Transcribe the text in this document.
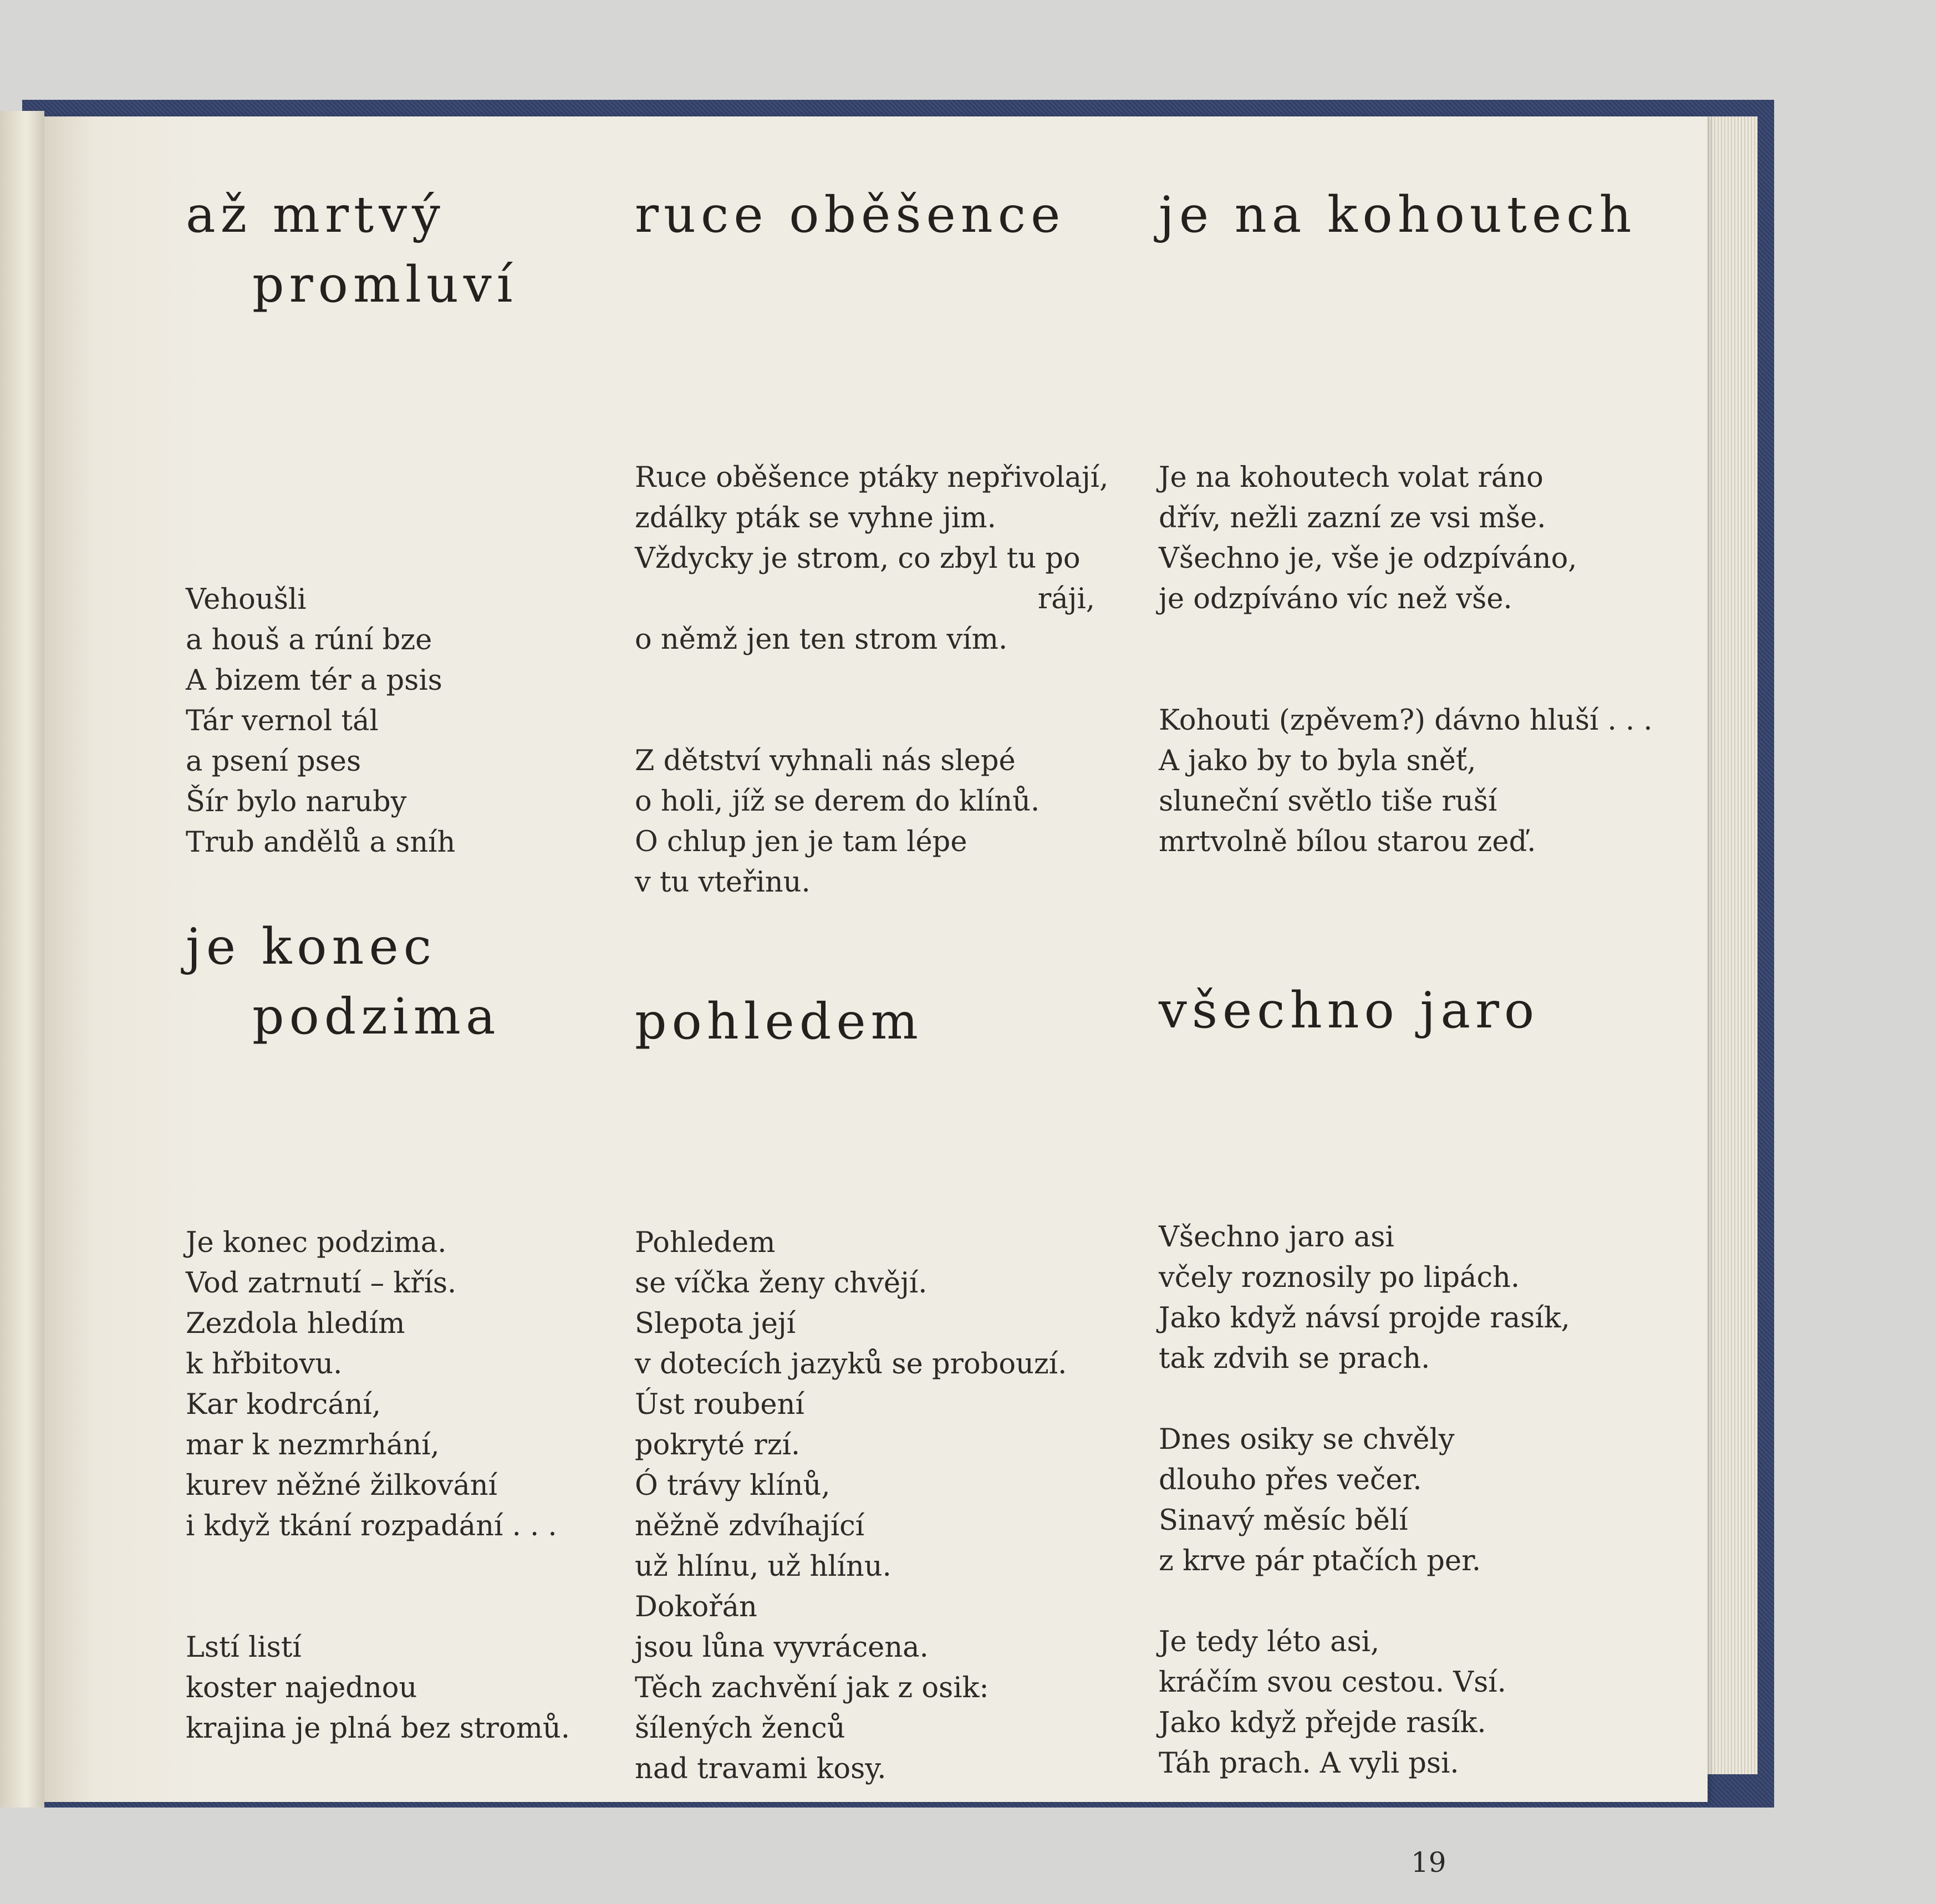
až mrtvý
promluví
Vehoušli
a houš a rúní bze
A bizem tér a psis
Tár vernol tál
a psení pses
Šír bylo naruby
Trub andělů a sníh
ruce oběšence
Ruce oběšence ptáky nepřivolají,
zdálky pták se vyhne jim.
Vždycky je strom, co zbyl tu po
ráji,
o němž jen ten strom vím.
Z dětství vyhnali nás slepé
o holi, jíž se derem do klínů.
O chlup jen je tam lépe
v tu vteřinu.
je na kohoutech
Je na kohoutech volat ráno
dřív, nežli zazní ze vsi mše.
Všechno je, vše je odzpíváno,
je odzpíváno víc než vše.
Kohouti (zpěvem?) dávno hluší . . .
A jako by to byla sněť,
sluneční světlo tiše ruší
mrtvolně bílou starou zeď.
je konec
podzima
Je konec podzima.
Vod zatrnutí – křís.
Zezdola hledím
k hřbitovu.
Kar kodrcání,
mar k nezmrhání,
kurev něžné žilkování
i když tkání rozpadání . . .
Lstí listí
koster najednou
krajina je plná bez stromů.
pohledem
Pohledem
se víčka ženy chvějí.
Slepota její
v dotecích jazyků se probouzí.
Úst roubení
pokryté rzí.
Ó trávy klínů,
něžně zdvíhající
už hlínu, už hlínu.
Dokořán
jsou lůna vyvrácena.
Těch zachvění jak z osik:
šílených ženců
nad travami kosy.
všechno jaro
Všechno jaro asi
včely roznosily po lipách.
Jako když návsí projde rasík,
tak zdvih se prach.
Dnes osiky se chvěly
dlouho přes večer.
Sinavý měsíc bělí
z krve pár ptačích per.
Je tedy léto asi,
kráčím svou cestou. Vsí.
Jako když přejde rasík.
Táh prach. A vyli psi.
19
